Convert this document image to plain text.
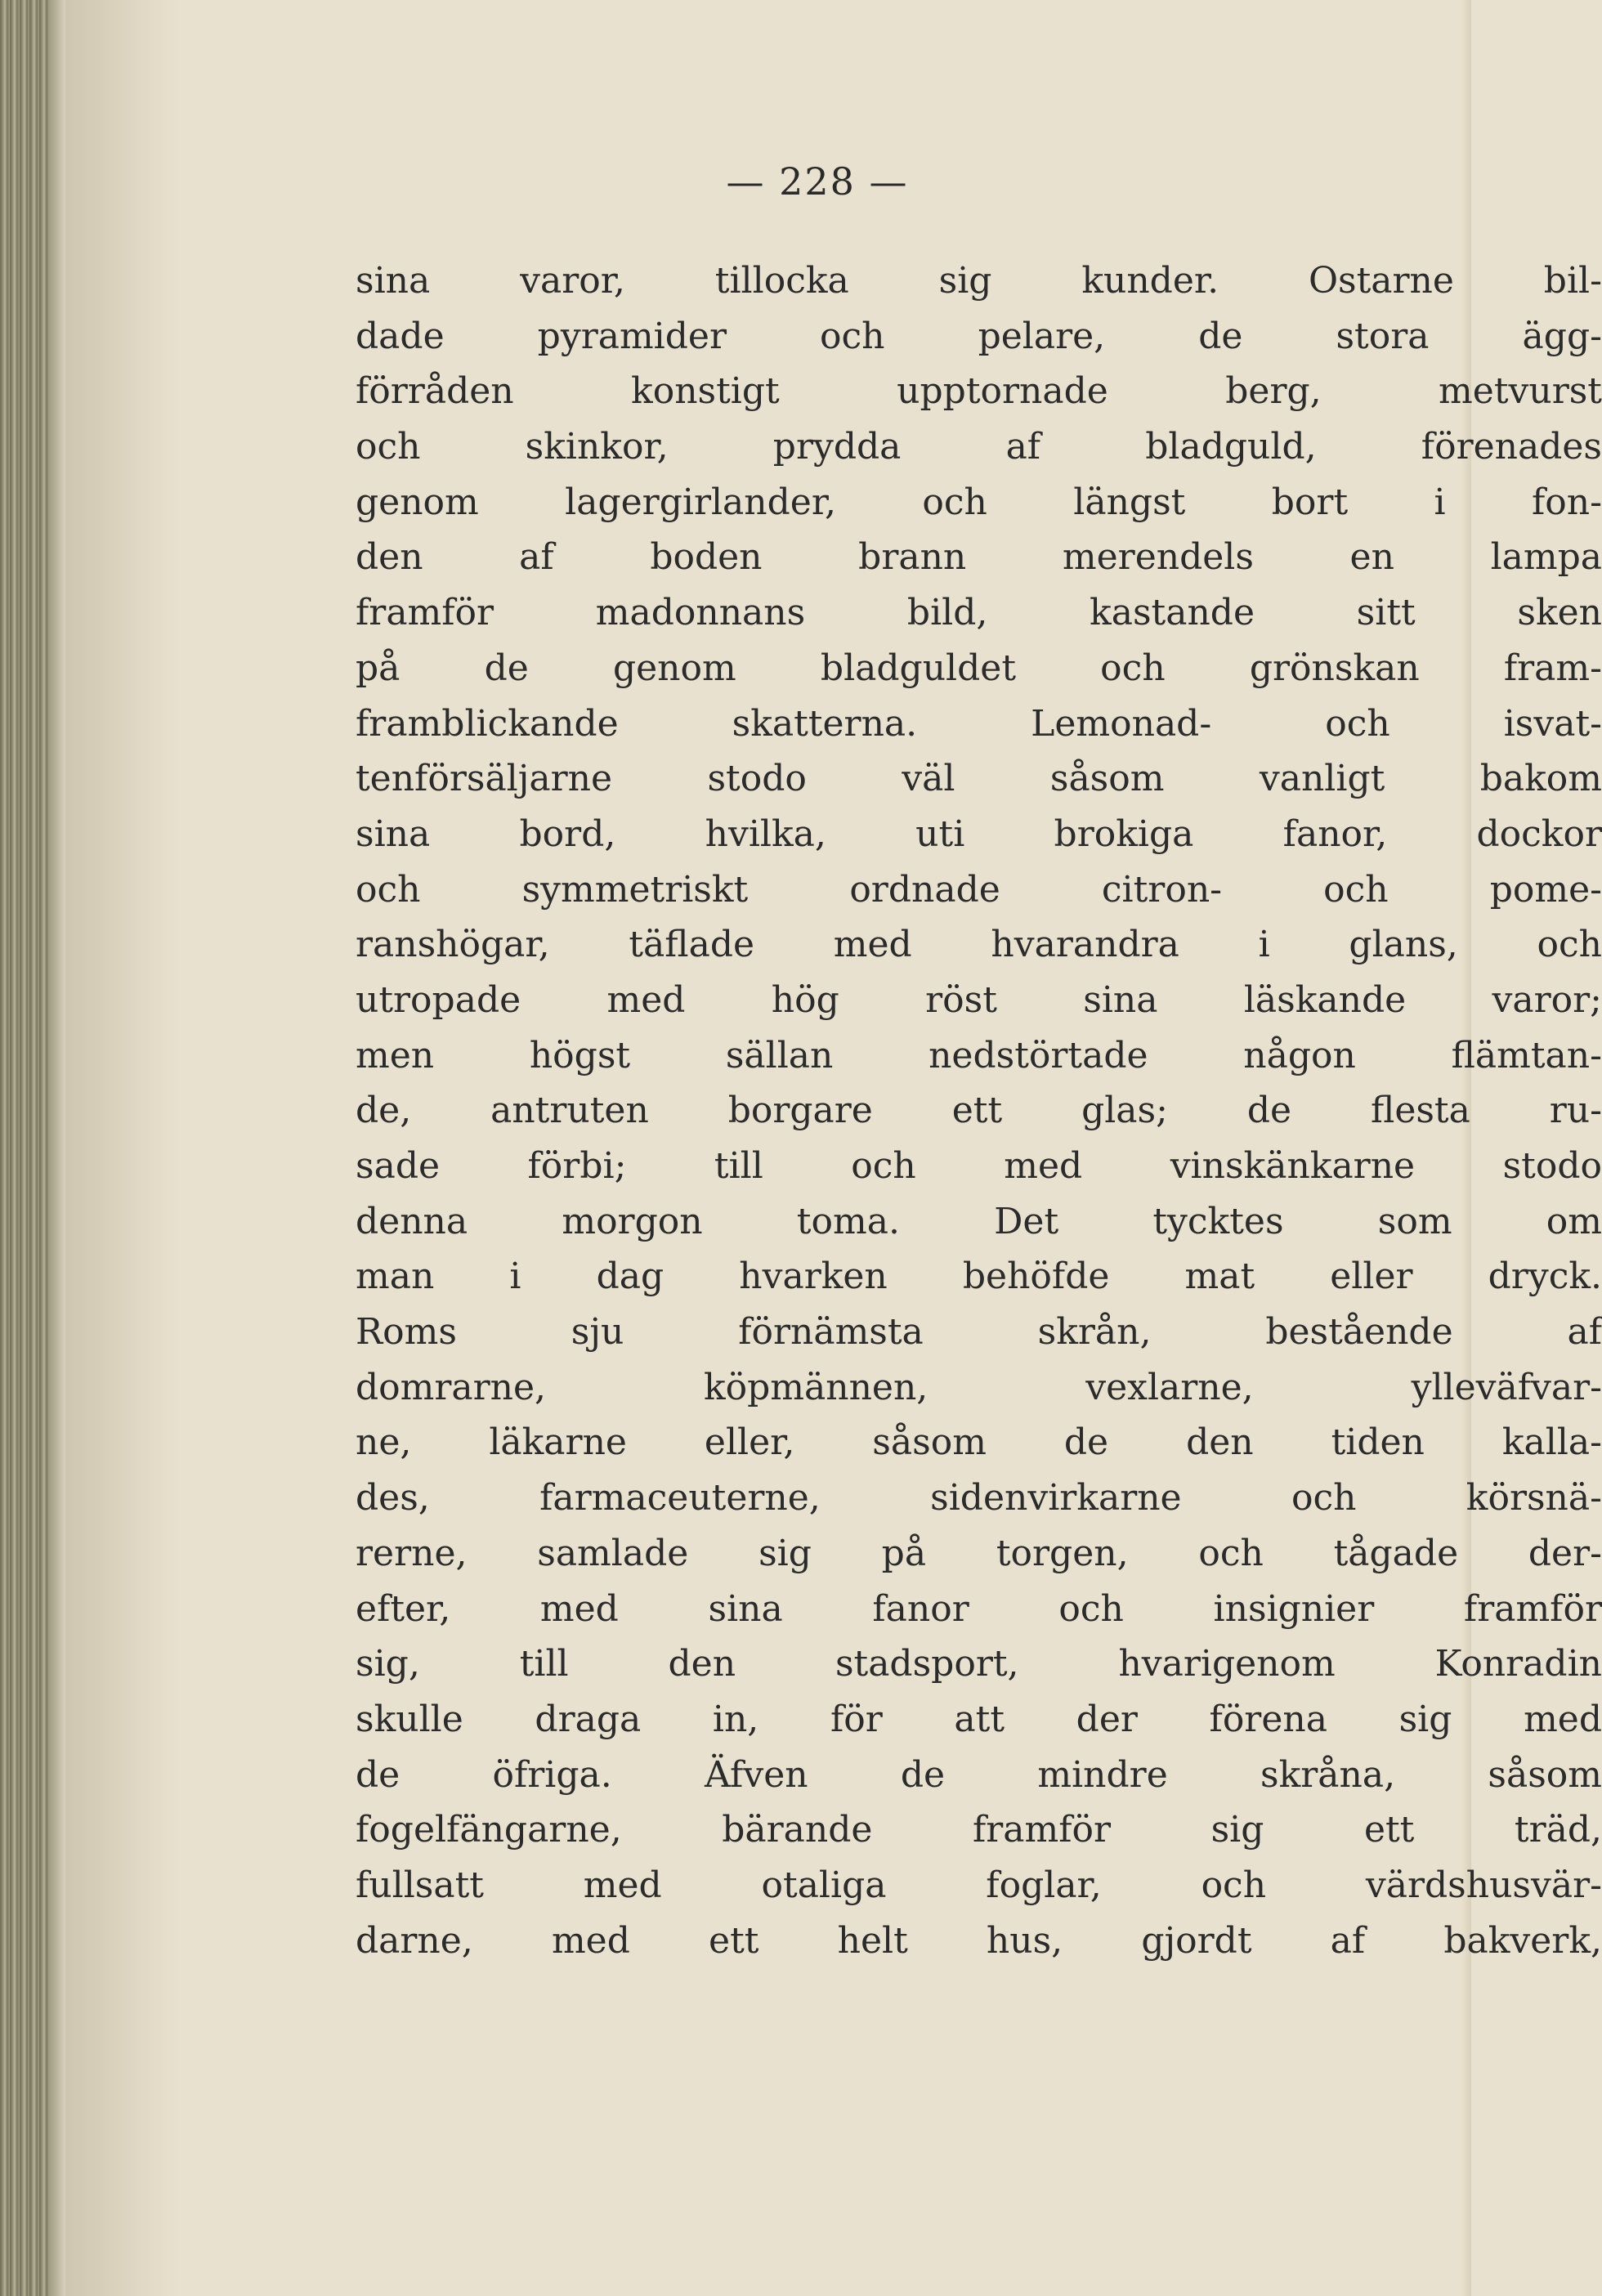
— 228 —
sina varor, tillocka sig kunder. Ostarne bil-
dade pyramider och pelare, de stora ägg-
förråden konstigt upptornade berg, metvurst
och skinkor, prydda af bladguld, förenades
genom lagergirlander, och längst bort i fon-
den af boden brann merendels en lampa
framför madonnans bild, kastande sitt sken
på de genom bladguldet och grönskan fram-
framblickande skatterna. Lemonad- och isvat-
tenförsäljarne stodo väl såsom vanligt bakom
sina bord, hvilka, uti brokiga fanor, dockor
och symmetriskt ordnade citron- och pome-
ranshögar, täflade med hvarandra i glans, och
utropade med hög röst sina läskande varor;
men högst sällan nedstörtade någon flämtan-
de, antruten borgare ett glas; de flesta ru-
sade förbi; till och med vinskänkarne stodo
denna morgon toma. Det tycktes som om
man i dag hvarken behöfde mat eller dryck.
Roms sju förnämsta skrån, bestående af
domrarne, köpmännen, vexlarne, ylleväfvar-
ne, läkarne eller, såsom de den tiden kalla-
des, farmaceuterne, sidenvirkarne och körsnä-
rerne, samlade sig på torgen, och tågade der-
efter, med sina fanor och insignier framför
sig, till den stadsport, hvarigenom Konradin
skulle draga in, för att der förena sig med
de öfriga. Äfven de mindre skråna, såsom
fogelfängarne, bärande framför sig ett träd,
fullsatt med otaliga foglar, och värdshusvär-
darne, med ett helt hus, gjordt af bakverk,
